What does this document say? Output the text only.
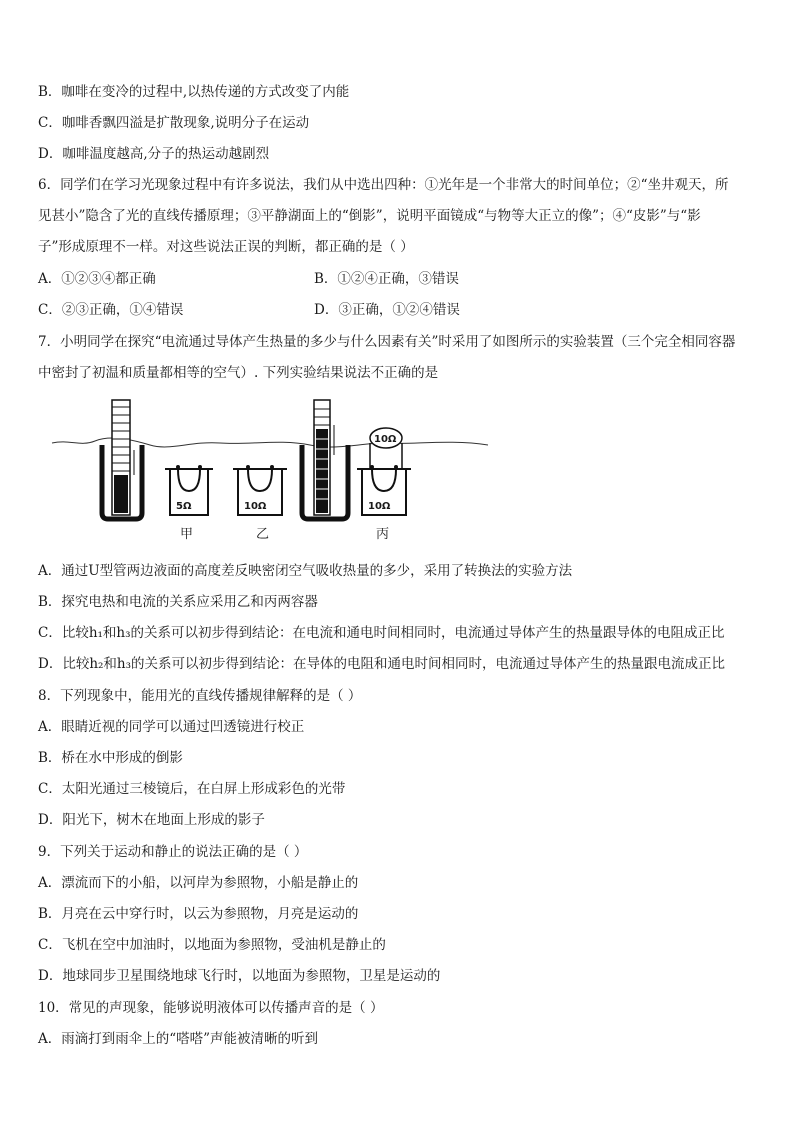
B．咖啡在变冷的过程中,以热传递的方式改变了内能
C．咖啡香飘四溢是扩散现象,说明分子在运动
D．咖啡温度越高,分子的热运动越剧烈
6．同学们在学习光现象过程中有许多说法，我们从中选出四种：①光年是一个非常大的时间单位；②“坐井观天，所
见甚小”隐含了光的直线传播原理；③平静湖面上的“倒影”，说明平面镜成“与物等大正立的像”；④“皮影”与“影
子”形成原理不一样。对这些说法正误的判断，都正确的是（ ）
A．①②③④都正确	B．①②④正确，③错误
C．②③正确，①④错误	D．③正确，①②④错误
7．小明同学在探究“电流通过导体产生热量的多少与什么因素有关”时采用了如图所示的实验装置（三个完全相同容器
中密封了初温和质量都相等的空气）. 下列实验结果说法不正确的是
5Ω	10Ω
10Ω
10Ω
甲	乙	丙
A．通过U型管两边液面的高度差反映密闭空气吸收热量的多少，采用了转换法的实验方法
B．探究电热和电流的关系应采用乙和丙两容器
C．比较h₁和h₃的关系可以初步得到结论：在电流和通电时间相同时，电流通过导体产生的热量跟导体的电阻成正比
D．比较h₂和h₃的关系可以初步得到结论：在导体的电阻和通电时间相同时，电流通过导体产生的热量跟电流成正比
8．下列现象中，能用光的直线传播规律解释的是（ ）
A．眼睛近视的同学可以通过凹透镜进行校正
B．桥在水中形成的倒影
C．太阳光通过三棱镜后，在白屏上形成彩色的光带
D．阳光下，树木在地面上形成的影子
9．下列关于运动和静止的说法正确的是（ ）
A．漂流而下的小船，以河岸为参照物，小船是静止的
B．月亮在云中穿行时，以云为参照物，月亮是运动的
C．飞机在空中加油时，以地面为参照物，受油机是静止的
D．地球同步卫星围绕地球飞行时，以地面为参照物，卫星是运动的
10．常见的声现象，能够说明液体可以传播声音的是（ ）
A．雨滴打到雨伞上的“嗒嗒”声能被清晰的听到
